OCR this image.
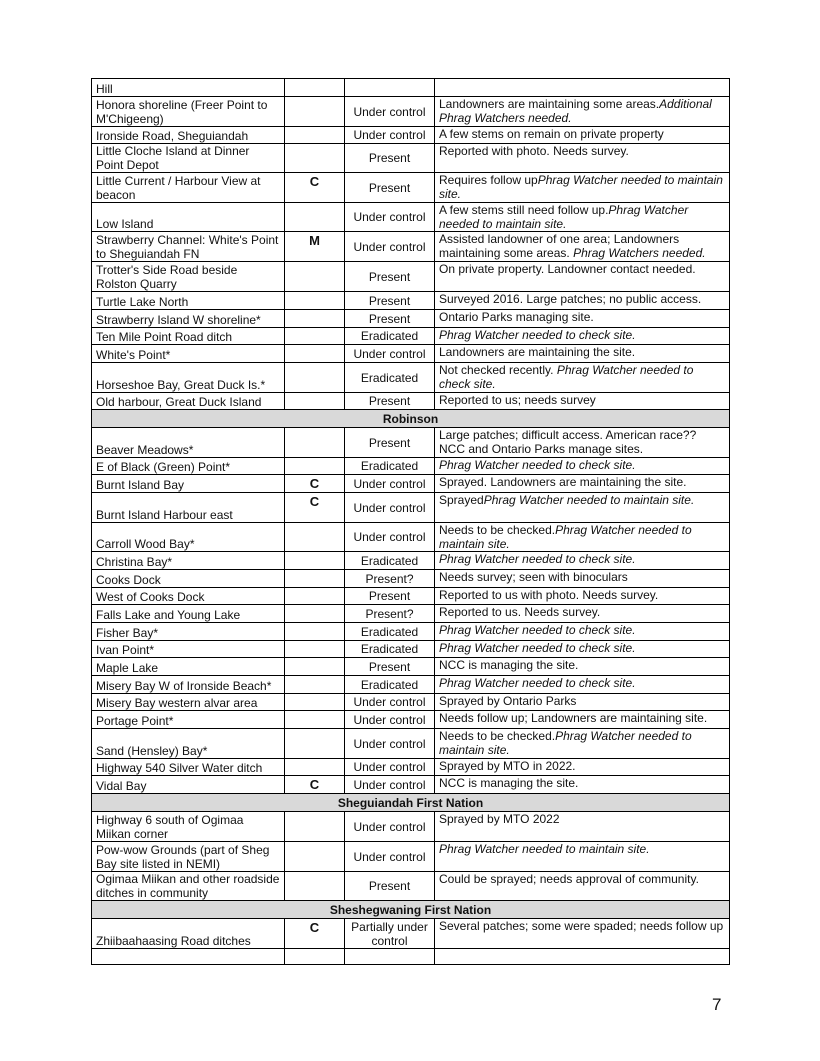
Hill			
Honora shoreline (Freer Point to M'Chigeeng)		Under control	Landowners are maintaining some areas.Additional Phrag Watchers needed.
Ironside Road, Sheguiandah		Under control	A few stems on remain on private property
Little Cloche Island at Dinner Point Depot		Present	Reported with photo. Needs survey.
Little Current / Harbour View at beacon	C	Present	Requires follow upPhrag Watcher needed to maintain site.
Low Island		Under control	A few stems still need follow up.Phrag Watcher needed to maintain site.
Strawberry Channel: White's Point to Sheguiandah FN	M	Under control	Assisted landowner of one area; Landowners maintaining some areas. Phrag Watchers needed.
Trotter's Side Road beside Rolston Quarry		Present	On private property. Landowner contact needed.
Turtle Lake North		Present	Surveyed 2016. Large patches; no public access.
Strawberry Island W shoreline*		Present	Ontario Parks managing site.
Ten Mile Point Road ditch		Eradicated	Phrag Watcher needed to check site.
White's Point*		Under control	Landowners are maintaining the site.
Horseshoe Bay, Great Duck Is.*		Eradicated	Not checked recently. Phrag Watcher needed to check site.
Old harbour, Great Duck Island		Present	Reported to us; needs survey
Robinson			
Beaver Meadows*		Present	Large patches; difficult access. American race?? NCC and Ontario Parks manage sites.
E of Black (Green) Point*		Eradicated	Phrag Watcher needed to check site.
Burnt Island Bay	C	Under control	Sprayed. Landowners are maintaining the site.
Burnt Island Harbour east	C	Under control	SprayedPhrag Watcher needed to maintain site.
Carroll Wood Bay*		Under control	Needs to be checked.Phrag Watcher needed to maintain site.
Christina Bay*		Eradicated	Phrag Watcher needed to check site.
Cooks Dock		Present?	Needs survey; seen with binoculars
West of Cooks Dock		Present	Reported to us with photo. Needs survey.
Falls Lake and Young Lake		Present?	Reported to us. Needs survey.
Fisher Bay*		Eradicated	Phrag Watcher needed to check site.
Ivan Point*		Eradicated	Phrag Watcher needed to check site.
Maple Lake		Present	NCC is managing the site.
Misery Bay W of Ironside Beach*		Eradicated	Phrag Watcher needed to check site.
Misery Bay western alvar area		Under control	Sprayed by Ontario Parks
Portage Point*		Under control	Needs follow up; Landowners are maintaining site.
Sand (Hensley) Bay*		Under control	Needs to be checked.Phrag Watcher needed to maintain site.
Highway 540 Silver Water ditch		Under control	Sprayed by MTO in 2022.
Vidal Bay	C	Under control	NCC is managing the site.
Sheguiandah First Nation			
Highway 6 south of Ogimaa Miikan corner		Under control	Sprayed by MTO 2022
Pow-wow Grounds (part of Sheg Bay site listed in NEMI)		Under control	Phrag Watcher needed to maintain site.
Ogimaa Miikan and other roadside ditches in community		Present	Could be sprayed; needs approval of community.
Sheshegwaning First Nation			
Zhiibaahaasing Road ditches	C	Partially under control	Several patches; some were spaded; needs follow up

7
